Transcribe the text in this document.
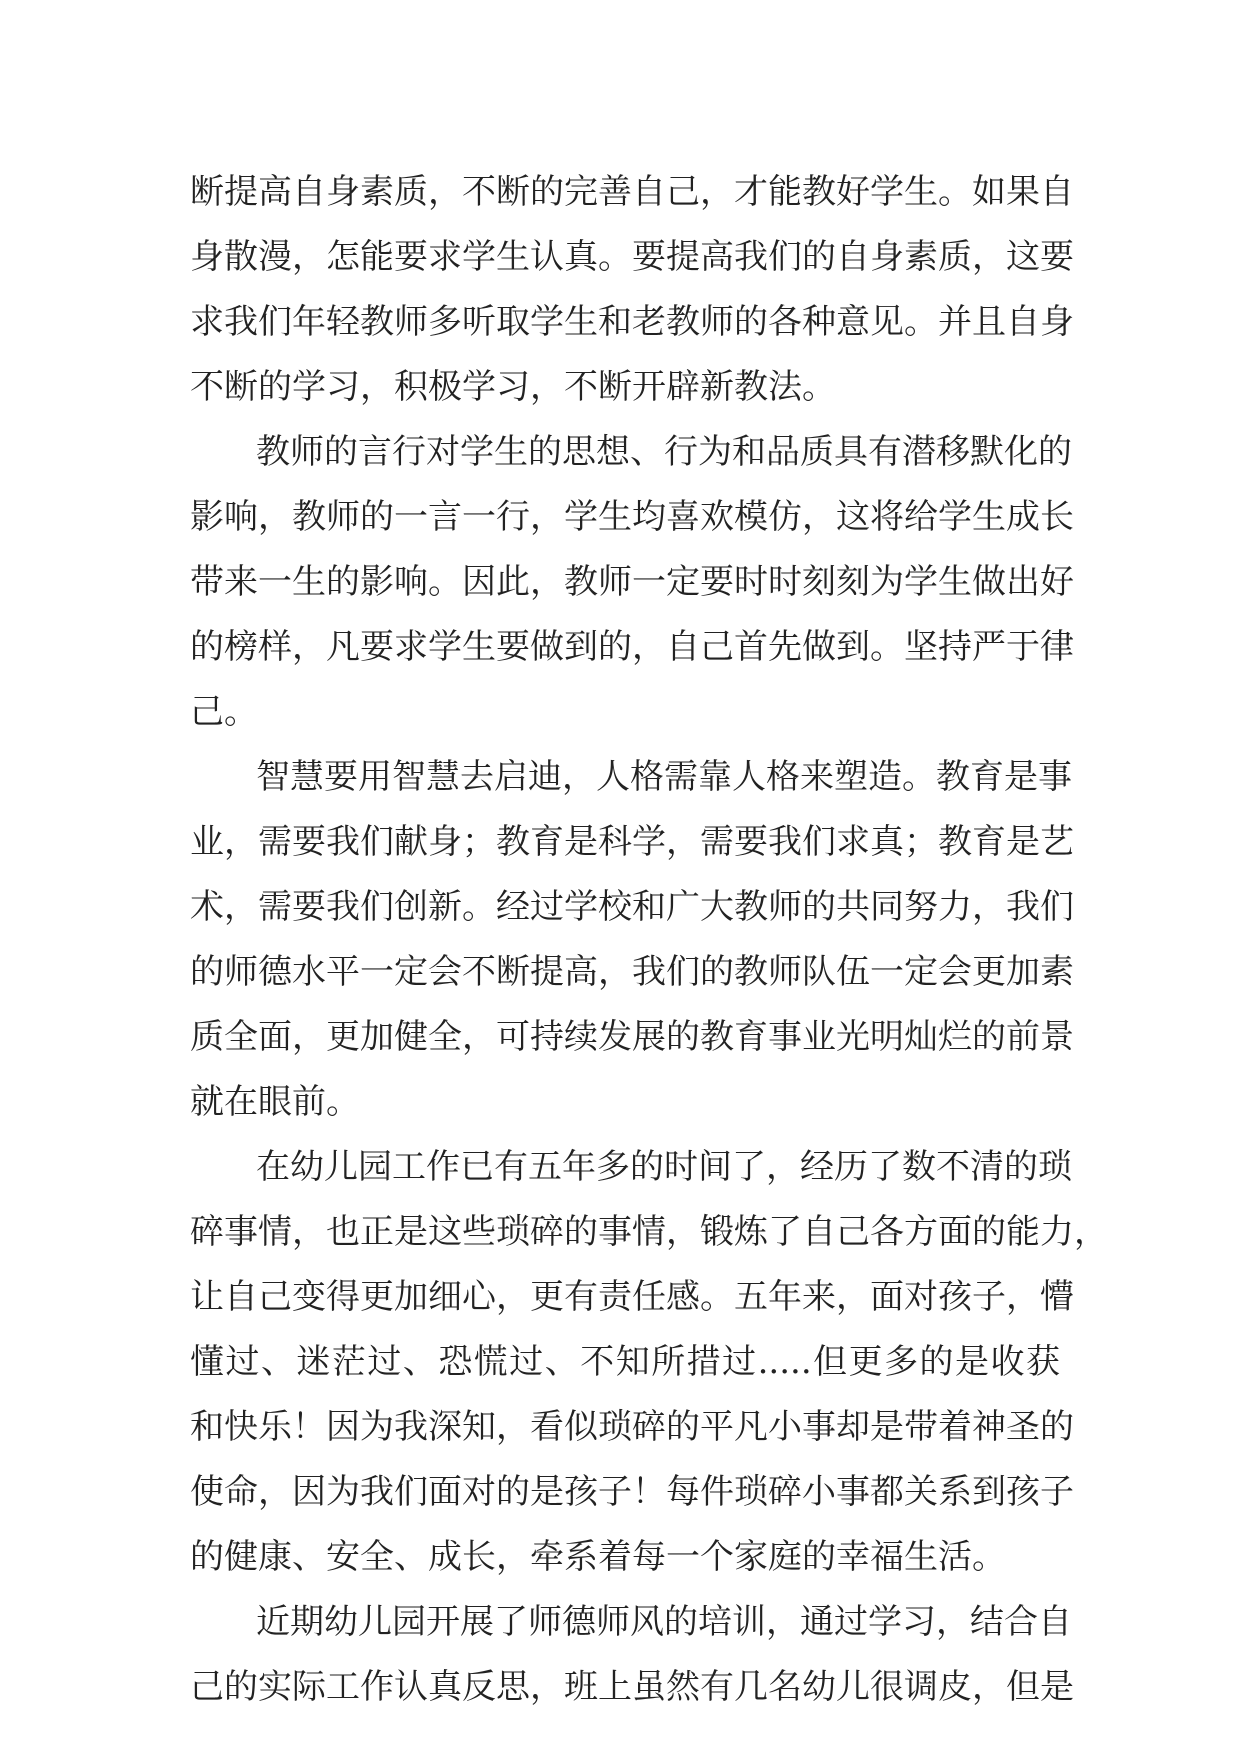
断提高自身素质，不断的完善自己，才能教好学生。如果自
身散漫，怎能要求学生认真。要提高我们的自身素质，这要
求我们年轻教师多听取学生和老教师的各种意见。并且自身
不断的学习，积极学习，不断开辟新教法。
教师的言行对学生的思想、行为和品质具有潜移默化的
影响，教师的一言一行，学生均喜欢模仿，这将给学生成长
带来一生的影响。因此，教师一定要时时刻刻为学生做出好
的榜样，凡要求学生要做到的，自己首先做到。坚持严于律
己。
智慧要用智慧去启迪，人格需靠人格来塑造。教育是事
业，需要我们献身；教育是科学，需要我们求真；教育是艺
术，需要我们创新。经过学校和广大教师的共同努力，我们
的师德水平一定会不断提高，我们的教师队伍一定会更加素
质全面，更加健全，可持续发展的教育事业光明灿烂的前景
就在眼前。
在幼儿园工作已有五年多的时间了，经历了数不清的琐
碎事情，也正是这些琐碎的事情，锻炼了自己各方面的能力，
让自己变得更加细心，更有责任感。五年来，面对孩子，懵
懂过、迷茫过、恐慌过、不知所措过.....但更多的是收获
和快乐！因为我深知，看似琐碎的平凡小事却是带着神圣的
使命，因为我们面对的是孩子！每件琐碎小事都关系到孩子
的健康、安全、成长，牵系着每一个家庭的幸福生活。
近期幼儿园开展了师德师风的培训，通过学习，结合自
己的实际工作认真反思，班上虽然有几名幼儿很调皮，但是
